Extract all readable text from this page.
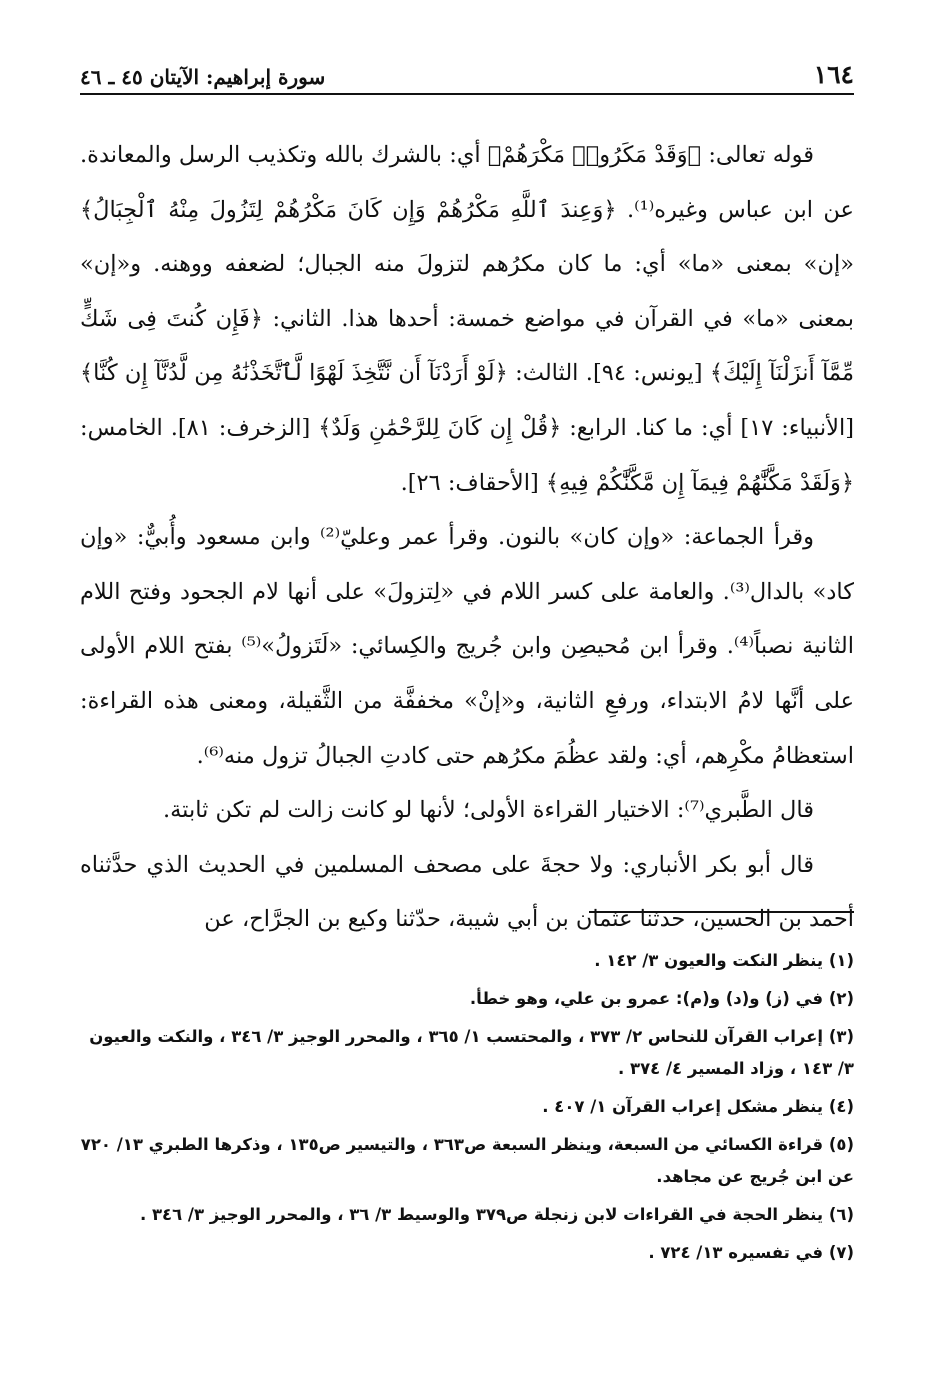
١٦٤
سورة إبراهيم: الآيتان ٤٥ ـ ٤٦

قوله تعالى: ﴿وَقَدْ مَكَرُوا۟ مَكْرَهُمْ﴾ أي: بالشرك بالله وتكذيب الرسل والمعاندة. عن ابن عباس وغيره⁽¹⁾. ﴿وَعِندَ ٱللَّهِ مَكْرُهُمْ وَإِن كَانَ مَكْرُهُمْ لِتَزُولَ مِنْهُ ٱلْجِبَالُ﴾ «إن» بمعنى «ما» أي: ما كان مكرُهم لتزولَ منه الجبال؛ لضعفه ووهنه. و«إن» بمعنى «ما» في القرآن في مواضع خمسة: أحدها هذا. الثاني: ﴿فَإِن كُنتَ فِى شَكٍّ مِّمَّآ أَنزَلْنَآ إِلَيْكَ﴾ [يونس: ٩٤]. الثالث: ﴿لَوْ أَرَدْنَآ أَن نَّتَّخِذَ لَهْوًا لَّٱتَّخَذْنَٰهُ مِن لَّدُنَّآ إِن كُنَّا﴾ [الأنبياء: ١٧] أي: ما كنا. الرابع: ﴿قُلْ إِن كَانَ لِلرَّحْمَٰنِ وَلَدٌ﴾ [الزخرف: ٨١]. الخامس: ﴿وَلَقَدْ مَكَّنَّٰهُمْ فِيمَآ إِن مَّكَّنَّٰكُمْ فِيهِ﴾ [الأحقاف: ٢٦].

وقرأ الجماعة: «وإن كان» بالنون. وقرأ عمر وعليّ⁽²⁾ وابن مسعود وأُبيٌّ: «وإن كاد» بالدال⁽³⁾. والعامة على كسر اللام في «لِتزولَ» على أنها لام الجحود وفتح اللام الثانية نصباً⁽⁴⁾. وقرأ ابن مُحيصِن وابن جُريج والكِسائي: «لَتَزولُ»⁽⁵⁾ بفتح اللام الأولى على أنَّها لامُ الابتداء، ورفعِ الثانية، و«إنْ» مخففَّة من الثَّقيلة، ومعنى هذه القراءة: استعظامُ مكْرِهم، أي: ولقد عظُمَ مكرُهم حتى كادتِ الجبالُ تزول منه⁽⁶⁾.

قال الطَّبري⁽⁷⁾: الاختيار القراءة الأولى؛ لأنها لو كانت زالت لم تكن ثابتة.

قال أبو بكر الأنباري: ولا حجةَ على مصحف المسلمين في الحديث الذي حدَّثناه أحمد بن الحسين، حدثنا عثمان بن أبي شيبة، حدّثنا وكيع بن الجرَّاح، عن

(١) ينظر النكت والعيون ٣/ ١٤٢ .

(٢) في (ز) و(د) و(م): عمرو بن علي، وهو خطأ.

(٣) إعراب القرآن للنحاس ٢/ ٣٧٣ ، والمحتسب ١/ ٣٦٥ ، والمحرر الوجيز ٣/ ٣٤٦ ، والنكت والعيون ٣/ ١٤٣ ، وزاد المسير ٤/ ٣٧٤ .

(٤) ينظر مشكل إعراب القرآن ١/ ٤٠٧ .

(٥) قراءة الكسائي من السبعة، وينظر السبعة ص٣٦٣ ، والتيسير ص١٣٥ ، وذكرها الطبري ١٣/ ٧٢٠ عن ابن جُريج عن مجاهد.

(٦) ينظر الحجة في القراءات لابن زنجلة ص٣٧٩ والوسيط ٣/ ٣٦ ، والمحرر الوجيز ٣/ ٣٤٦ .

(٧) في تفسيره ١٣/ ٧٢٤ .
